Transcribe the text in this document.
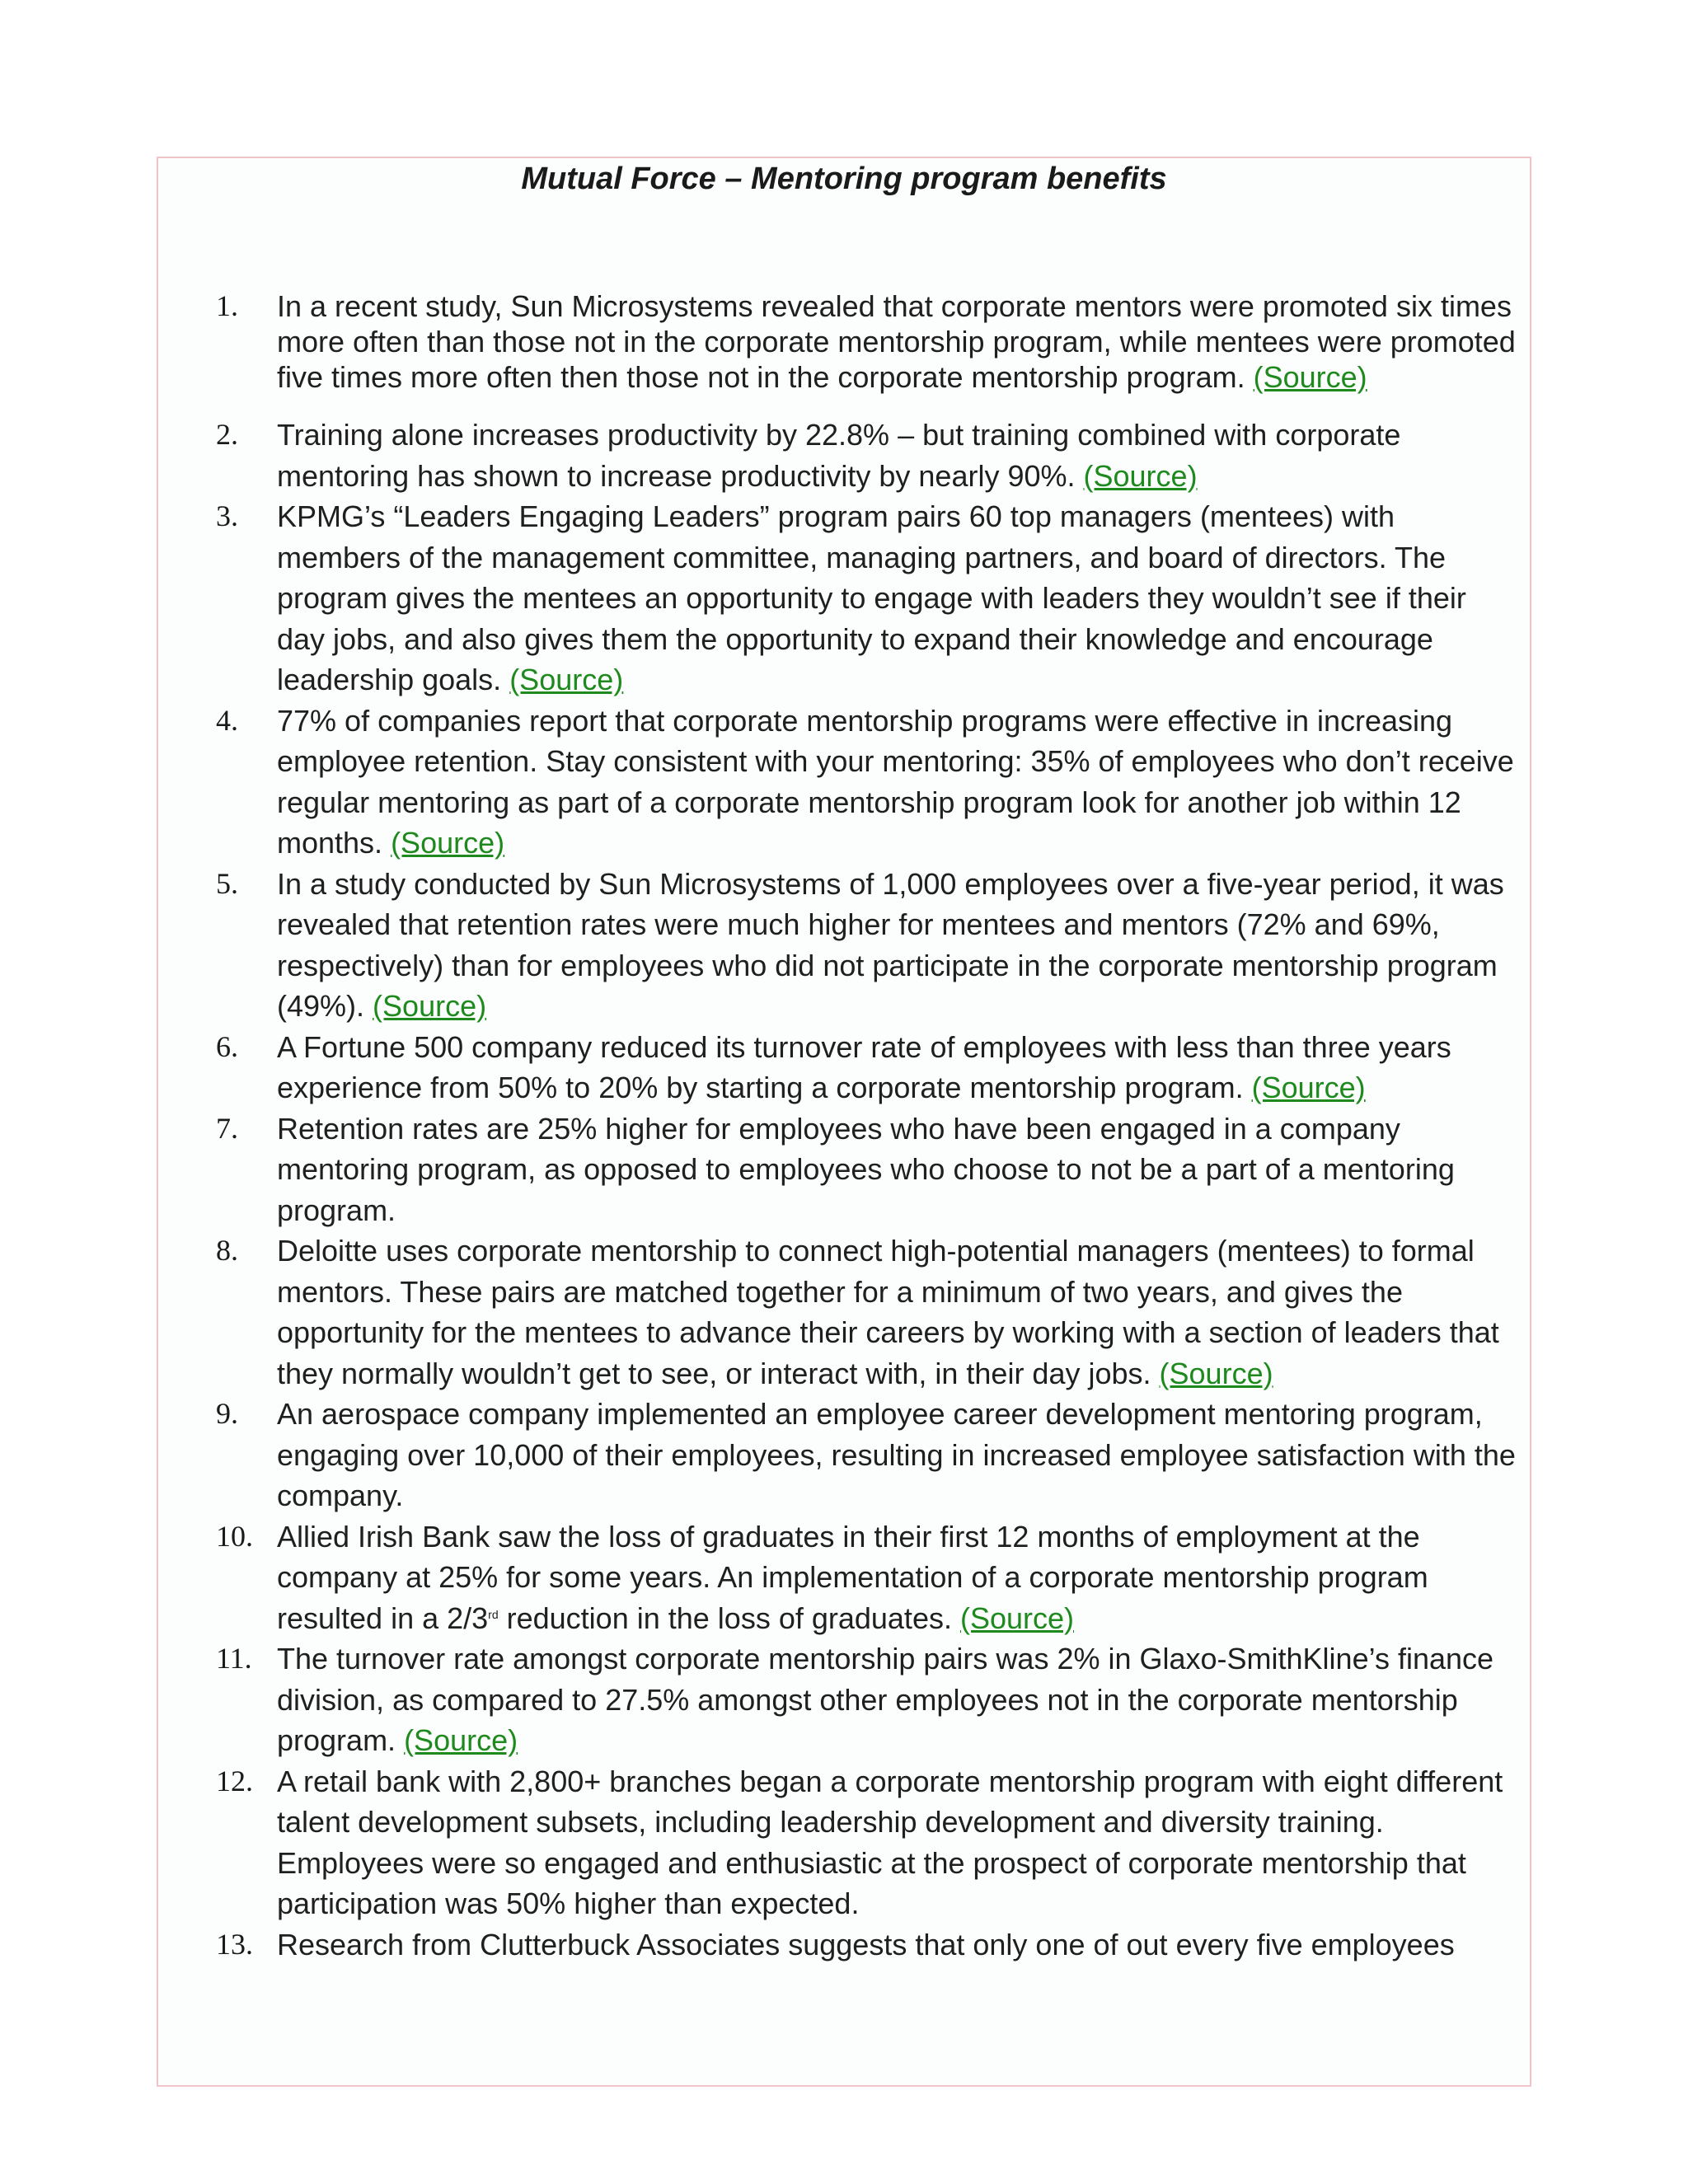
Mutual Force – Mentoring program benefits
1.	In a recent study, Sun Microsystems revealed that corporate mentors were promoted six times more often than those not in the corporate mentorship program, while mentees were promoted five times more often then those not in the corporate mentorship program. (Source)
2.	Training alone increases productivity by 22.8% – but training combined with corporate mentoring has shown to increase productivity by nearly 90%. (Source)
3.	KPMG’s “Leaders Engaging Leaders” program pairs 60 top managers (mentees) with members of the management committee, managing partners, and board of directors. The program gives the mentees an opportunity to engage with leaders they wouldn’t see if their day jobs, and also gives them the opportunity to expand their knowledge and encourage leadership goals. (Source)
4.	77% of companies report that corporate mentorship programs were effective in increasing employee retention. Stay consistent with your mentoring: 35% of employees who don’t receive regular mentoring as part of a corporate mentorship program look for another job within 12 months. (Source)
5.	In a study conducted by Sun Microsystems of 1,000 employees over a five-year period, it was revealed that retention rates were much higher for mentees and mentors (72% and 69%, respectively) than for employees who did not participate in the corporate mentorship program (49%). (Source)
6.	A Fortune 500 company reduced its turnover rate of employees with less than three years experience from 50% to 20% by starting a corporate mentorship program. (Source)
7.	Retention rates are 25% higher for employees who have been engaged in a company mentoring program, as opposed to employees who choose to not be a part of a mentoring program.
8.	Deloitte uses corporate mentorship to connect high-potential managers (mentees) to formal mentors. These pairs are matched together for a minimum of two years, and gives the opportunity for the mentees to advance their careers by working with a section of leaders that they normally wouldn’t get to see, or interact with, in their day jobs. (Source)
9.	An aerospace company implemented an employee career development mentoring program, engaging over 10,000 of their employees, resulting in increased employee satisfaction with the company.
10. Allied Irish Bank saw the loss of graduates in their first 12 months of employment at the company at 25% for some years. An implementation of a corporate mentorship program resulted in a 2/3rd reduction in the loss of graduates. (Source)
11. The turnover rate amongst corporate mentorship pairs was 2% in Glaxo-SmithKline’s finance division, as compared to 27.5% amongst other employees not in the corporate mentorship program. (Source)
12. A retail bank with 2,800+ branches began a corporate mentorship program with eight different talent development subsets, including leadership development and diversity training. Employees were so engaged and enthusiastic at the prospect of corporate mentorship that participation was 50% higher than expected.
13. Research from Clutterbuck Associates suggests that only one of out every five employees
